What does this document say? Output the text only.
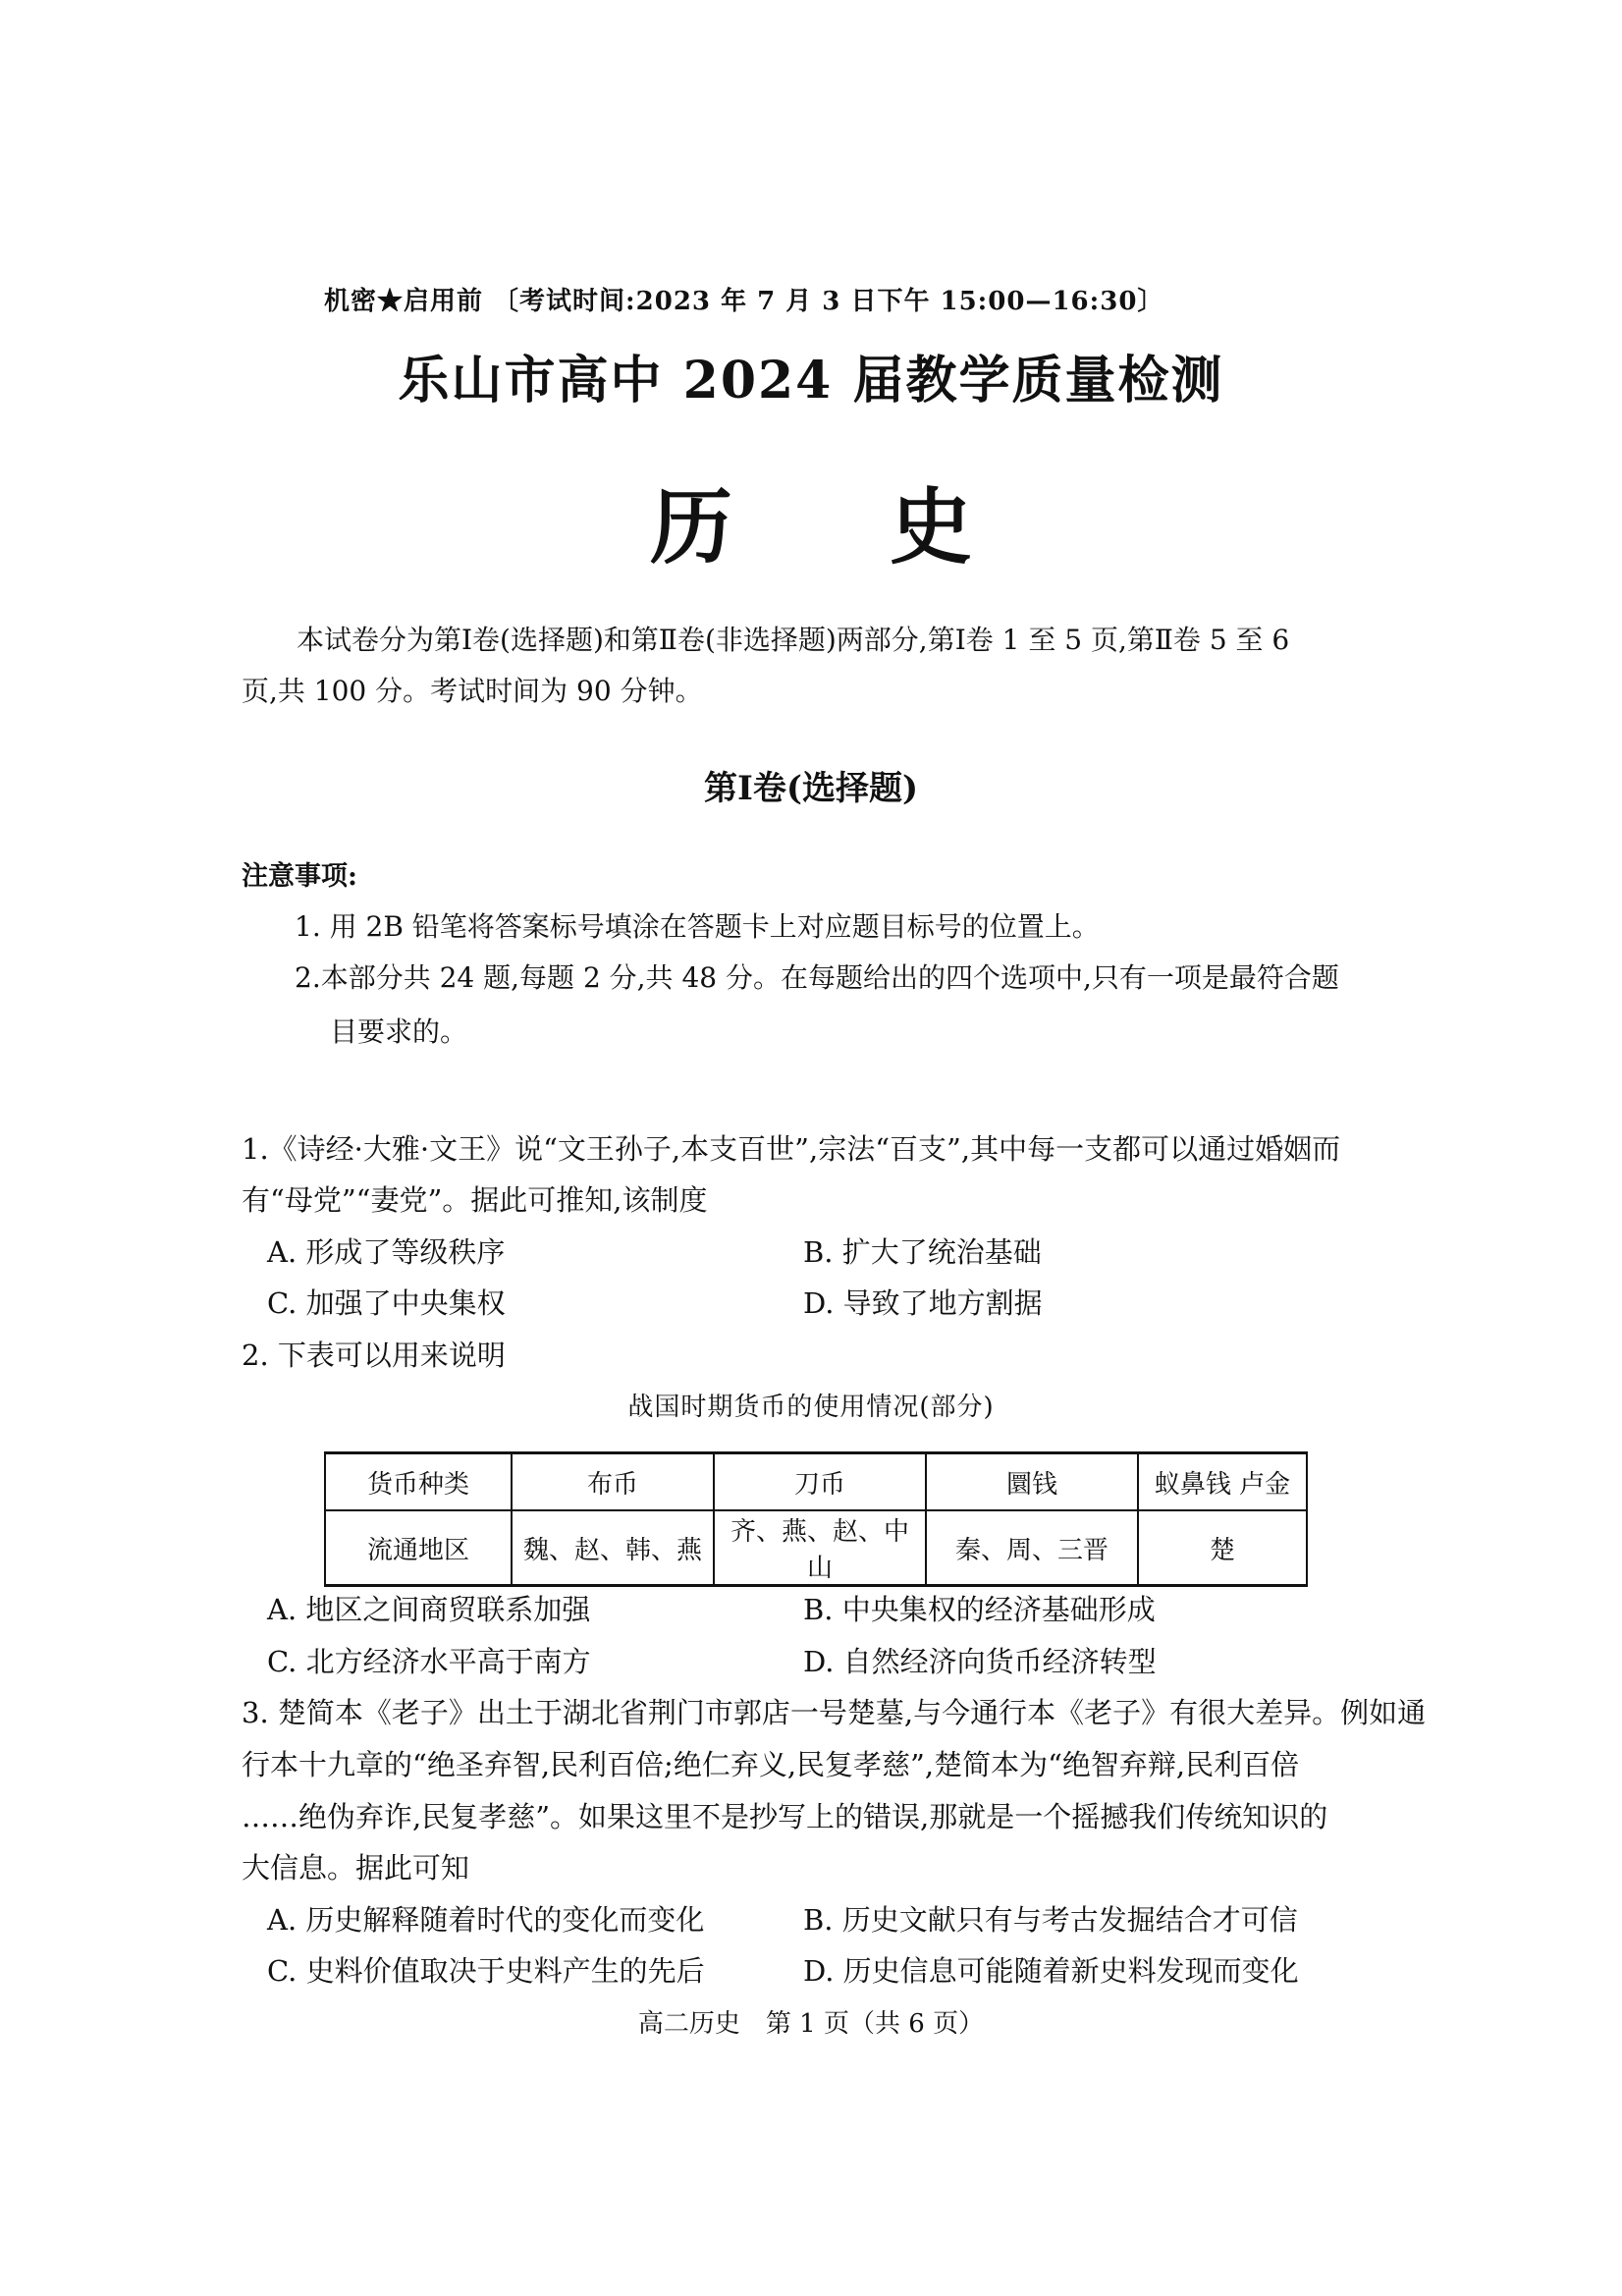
机密★启用前 〔考试时间:2023 年 7 月 3 日下午 15:00—16:30〕
乐山市高中 2024 届教学质量检测
历 史
本试卷分为第Ⅰ卷(选择题)和第Ⅱ卷(非选择题)两部分,第Ⅰ卷 1 至 5 页,第Ⅱ卷 5 至 6
页,共 100 分。考试时间为 90 分钟。
第Ⅰ卷(选择题)
注意事项:
1. 用 2B 铅笔将答案标号填涂在答题卡上对应题目标号的位置上。
2.本部分共 24 题,每题 2 分,共 48 分。在每题给出的四个选项中,只有一项是最符合题
目要求的。
1.《诗经·大雅·文王》说“文王孙子,本支百世”,宗法“百支”,其中每一支都可以通过婚姻而
有“母党”“妻党”。据此可推知,该制度
A. 形成了等级秩序	B. 扩大了统治基础
C. 加强了中央集权	D. 导致了地方割据
2. 下表可以用来说明
战国时期货币的使用情况(部分)
货币种类	布币	刀币	圜钱	蚁鼻钱 卢金
流通地区	魏、赵、韩、燕	齐、燕、赵、中山	秦、周、三晋	楚
A. 地区之间商贸联系加强	B. 中央集权的经济基础形成
C. 北方经济水平高于南方	D. 自然经济向货币经济转型
3. 楚简本《老子》出土于湖北省荆门市郭店一号楚墓,与今通行本《老子》有很大差异。例如通
行本十九章的“绝圣弃智,民利百倍;绝仁弃义,民复孝慈”,楚简本为“绝智弃辩,民利百倍
……绝伪弃诈,民复孝慈”。如果这里不是抄写上的错误,那就是一个摇撼我们传统知识的
大信息。据此可知
A. 历史解释随着时代的变化而变化	B. 历史文献只有与考古发掘结合才可信
C. 史料价值取决于史料产生的先后	D. 历史信息可能随着新史料发现而变化
高二历史　第 1 页（共 6 页）
